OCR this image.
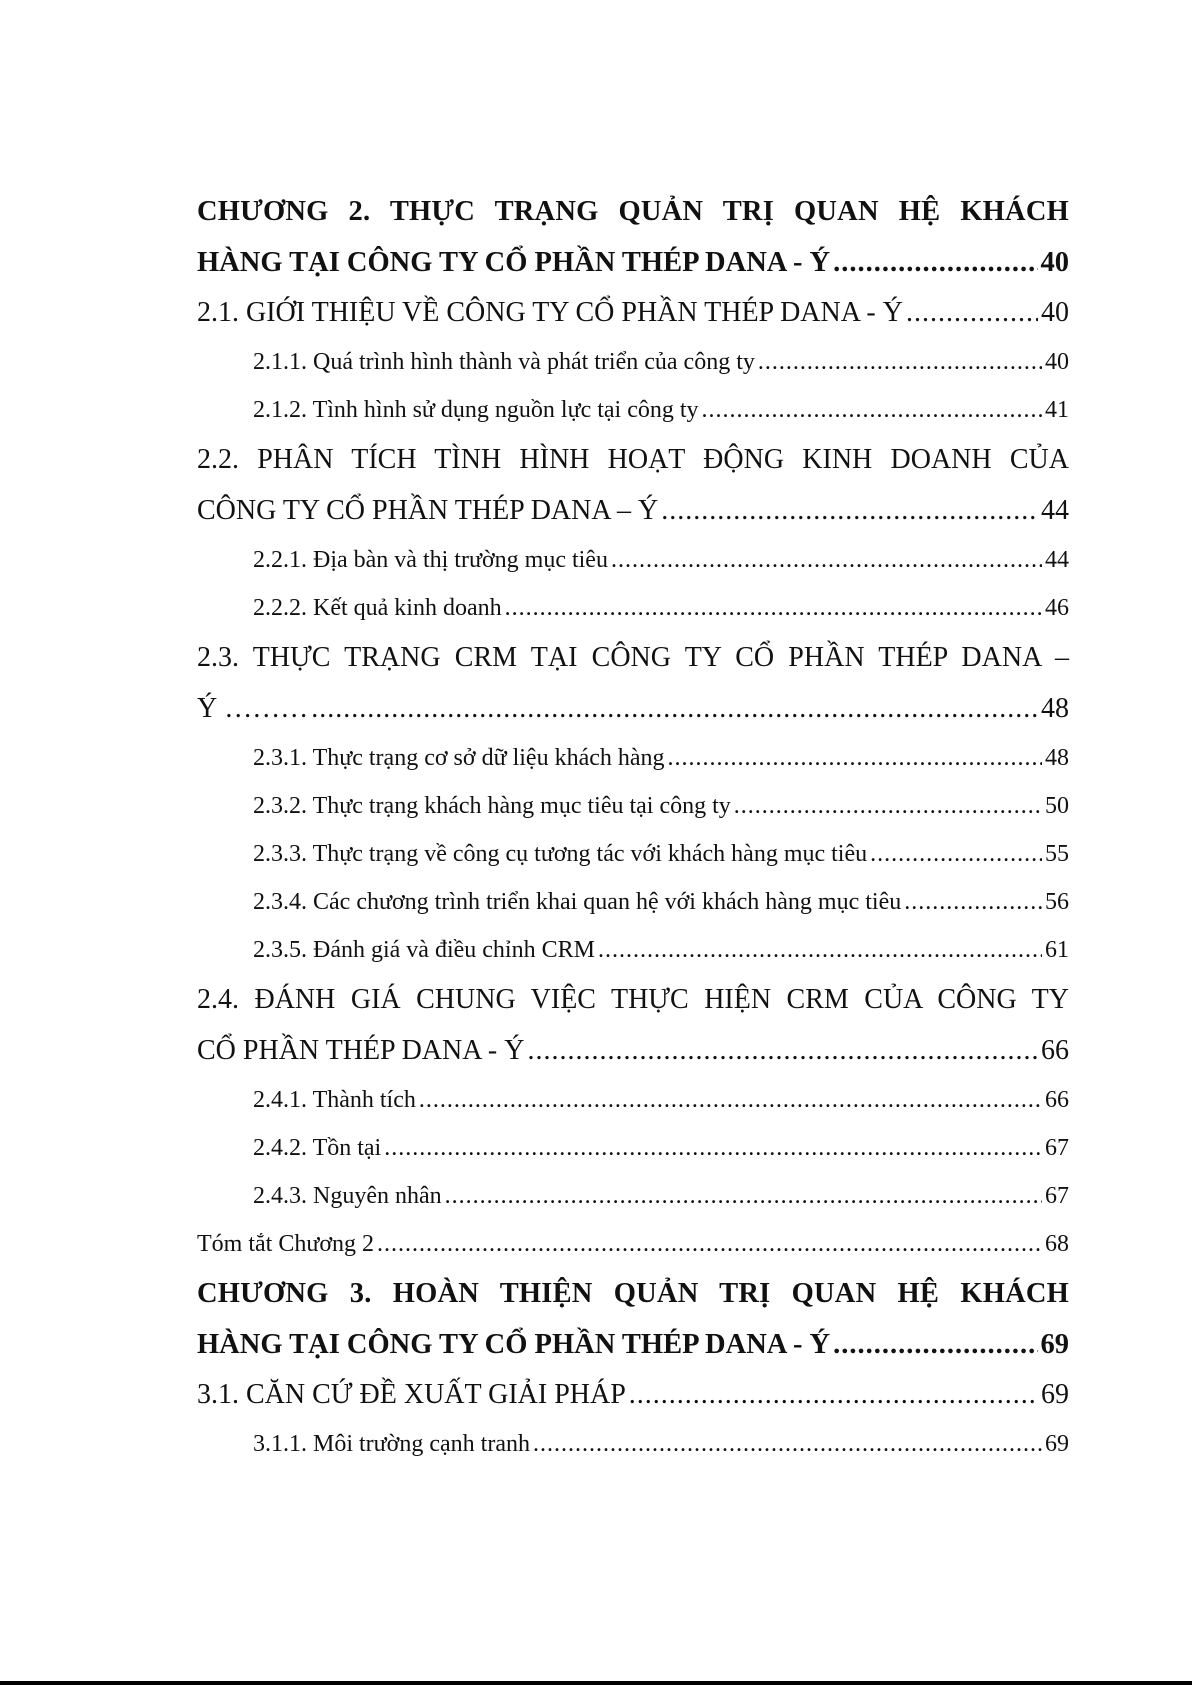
CHƯƠNG 2. THỰC TRẠNG QUẢN TRỊ QUAN HỆ KHÁCH
HÀNG TẠI CÔNG TY CỔ PHẦN THÉP DANA - Ý .....	40
2.1. GIỚI THIỆU VỀ CÔNG TY CỔ PHẦN THÉP DANA - Ý .....	40
2.1.1. Quá trình hình thành và phát triển của công ty .....	40
2.1.2. Tình hình sử dụng nguồn lực tại công ty .....	41
2.2. PHÂN TÍCH TÌNH HÌNH HOẠT ĐỘNG KINH DOANH CỦA
CÔNG TY CỔ PHẦN THÉP DANA – Ý .....	44
2.2.1. Địa bàn và thị trường mục tiêu .....	44
2.2.2. Kết quả kinh doanh .....	46
2.3. THỰC TRẠNG CRM TẠI CÔNG TY CỔ PHẦN THÉP DANA –
Ý ……… .....	48
2.3.1. Thực trạng cơ sở dữ liệu khách hàng .....	48
2.3.2. Thực trạng khách hàng mục tiêu tại công ty .....	50
2.3.3. Thực trạng về công cụ tương tác với khách hàng mục tiêu .....	55
2.3.4. Các chương trình triển khai quan hệ với khách hàng mục tiêu .....	56
2.3.5. Đánh giá và điều chỉnh CRM .....	61
2.4. ĐÁNH GIÁ CHUNG VIỆC THỰC HIỆN CRM CỦA CÔNG TY
CỔ PHẦN THÉP DANA - Ý .....	66
2.4.1. Thành tích .....	66
2.4.2. Tồn tại .....	67
2.4.3. Nguyên nhân .....	67
Tóm tắt Chương 2 .....	68
CHƯƠNG 3. HOÀN THIỆN QUẢN TRỊ QUAN HỆ KHÁCH
HÀNG TẠI CÔNG TY CỔ PHẦN THÉP DANA - Ý .....	69
3.1. CĂN CỨ ĐỀ XUẤT GIẢI PHÁP .....	69
3.1.1. Môi trường cạnh tranh .....	69
